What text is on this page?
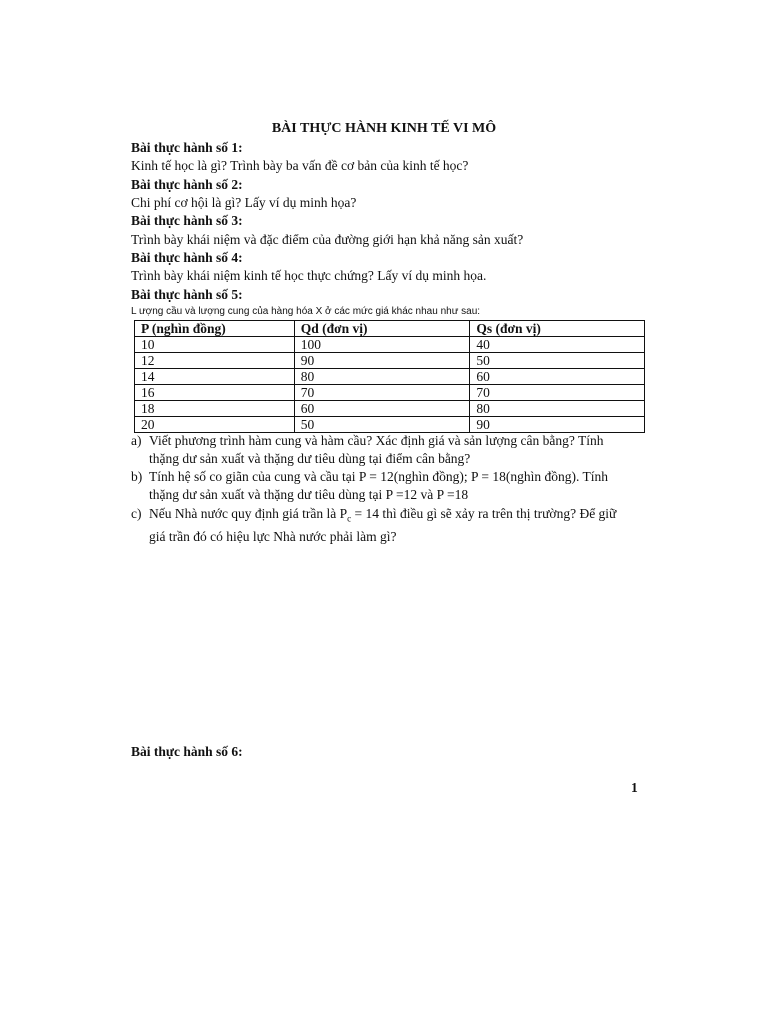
BÀI THỰC HÀNH KINH TẾ VI MÔ
Bài thực hành số 1:
Kinh tế học là gì? Trình bày ba vấn đề cơ bản của kinh tế học?
Bài thực hành số 2:
Chi phí cơ hội là gì? Lấy ví dụ minh họa?
Bài thực hành số 3:
Trình bày khái niệm và đặc điểm của đường giới hạn khả năng sản xuất?
Bài thực hành số 4:
Trình bày khái niệm kinh tế học thực chứng? Lấy ví dụ minh họa.
Bài thực hành số 5:
L ượng cầu và lượng cung của hàng hóa X ở các mức giá khác nhau như sau:
P (nghìn đồng)	Qd (đơn vị)	Qs (đơn vị)
10	100	40
12	90	50
14	80	60
16	70	70
18	60	80
20	50	90
a) Viết phương trình hàm cung và hàm cầu? Xác định giá và sản lượng cân bằng? Tính
thặng dư sản xuất và thặng dư tiêu dùng tại điểm cân bằng?
b) Tính hệ số co giãn của cung và cầu tại P = 12(nghìn đồng); P = 18(nghìn đồng). Tính
thặng dư sản xuất và thặng dư tiêu dùng tại P =12 và P =18
c) Nếu Nhà nước quy định giá trần là $P_c = 14$ thì điều gì sẽ xảy ra trên thị trường? Để giữ
giá trần đó có hiệu lực Nhà nước phải làm gì?
Bài thực hành số 6:
1
